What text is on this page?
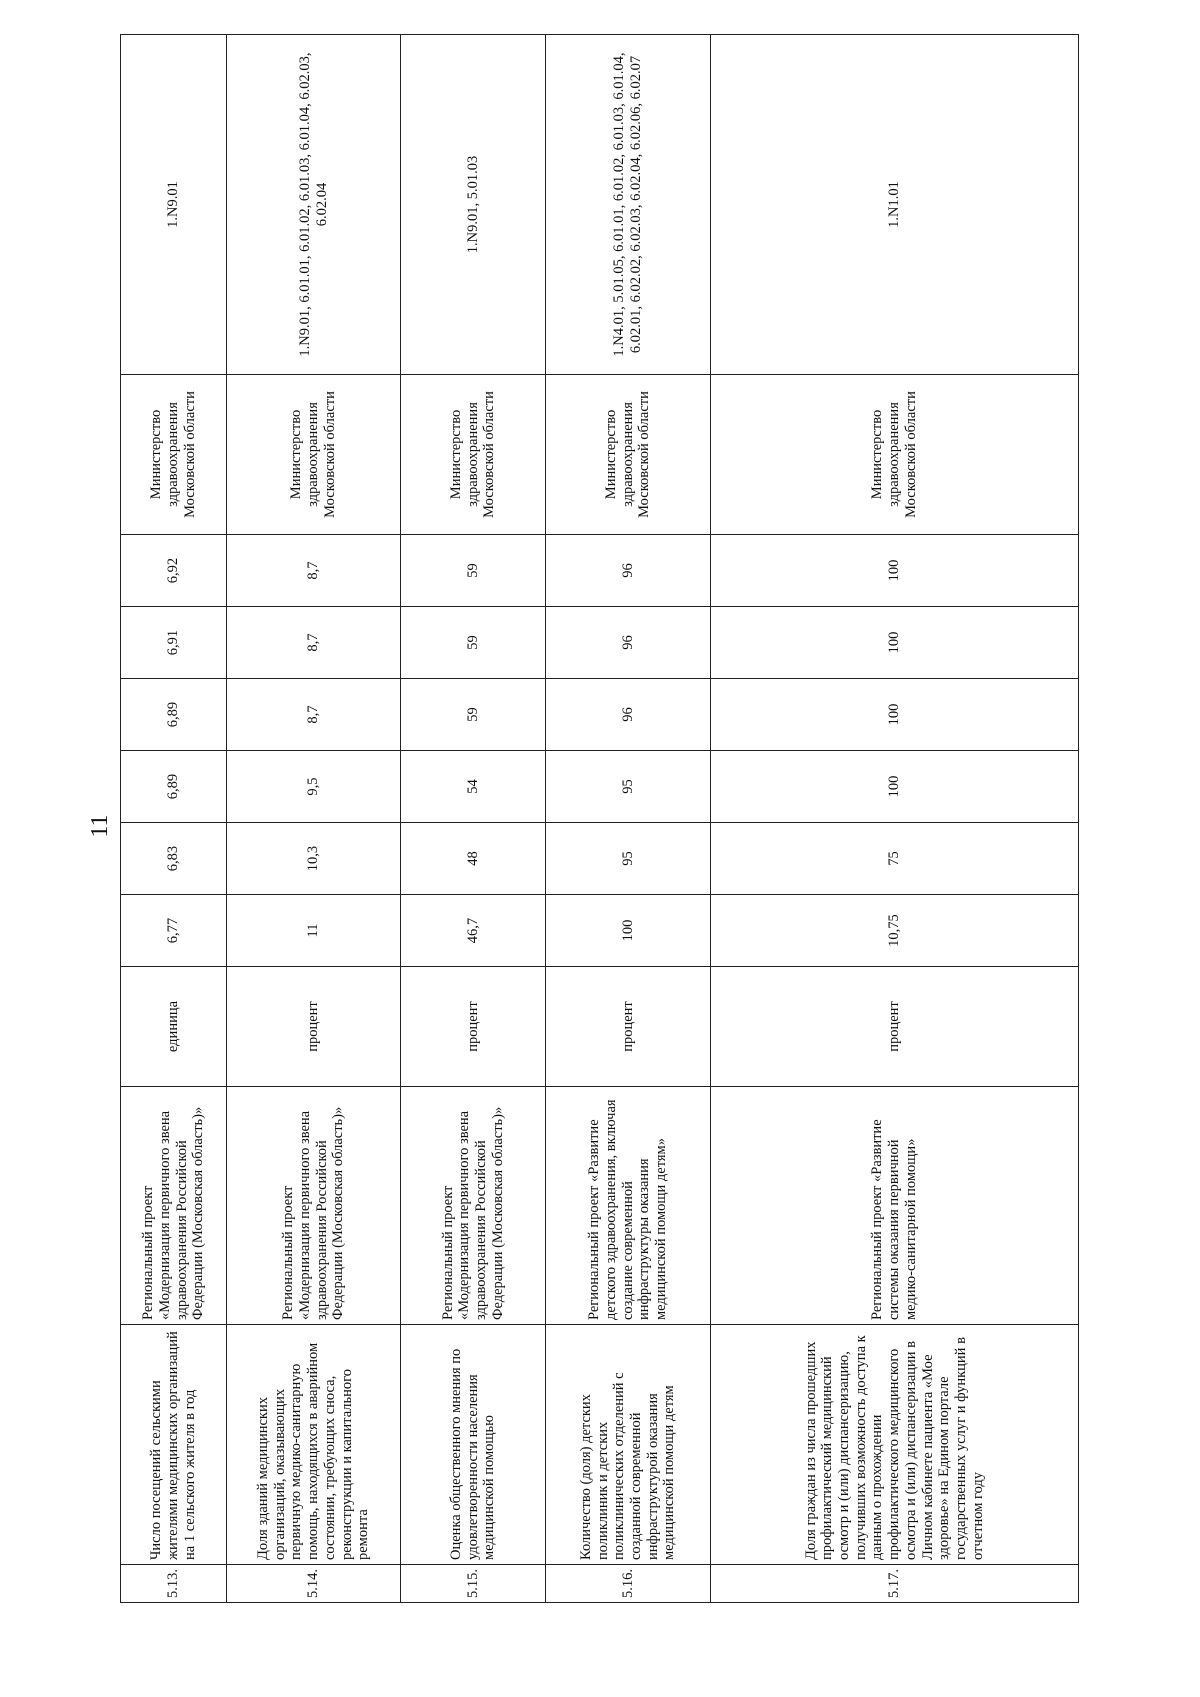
11
5.13.	Число посещений сельскими жителями медицинских организаций на 1 сельского жителя в год	Региональный проект «Модернизация первичного звена здравоохранения Российской Федерации (Московская область)»	единица	6,77	6,83	6,89	6,89	6,91	6,92	Министерство здравоохранения Московской области	1.N9.01
5.14.	Доля зданий медицинских организаций, оказывающих первичную медико-санитарную помощь, находящихся в аварийном состоянии, требующих сноса, реконструкции и капитального ремонта	Региональный проект «Модернизация первичного звена здравоохранения Российской Федерации (Московская область)»	процент	11	10,3	9,5	8,7	8,7	8,7	Министерство здравоохранения Московской области	1.N9.01, 6.01.01, 6.01.02, 6.01.03, 6.01.04, 6.02.03, 6.02.04
5.15.	Оценка общественного мнения по удовлетворенности населения медицинской помощью	Региональный проект «Модернизация первичного звена здравоохранения Российской Федерации (Московская область)»	процент	46,7	48	54	59	59	59	Министерство здравоохранения Московской области	1.N9.01, 5.01.03
5.16.	Количество (доля) детских поликлиник и детских поликлинических отделений с созданной современной инфраструктурой оказания медицинской помощи детям	Региональный проект «Развитие детского здравоохранения, включая создание современной инфраструктуры оказания медицинской помощи детям»	процент	100	95	95	96	96	96	Министерство здравоохранения Московской области	1.N4.01, 5.01.05, 6.01.01, 6.01.02, 6.01.03, 6.01.04, 6.02.01, 6.02.02, 6.02.03, 6.02.04, 6.02.06, 6.02.07
5.17.	Доля граждан из числа прошедших профилактический медицинский осмотр и (или) диспансеризацию, получивших возможность доступа к данным о прохождении профилактического медицинского осмотра и (или) диспансеризации в Личном кабинете пациента «Мое здоровье» на Едином портале государственных услуг и функций в отчетном году	Региональный проект «Развитие системы оказания первичной медико-санитарной помощи»	процент	10,75	75	100	100	100	100	Министерство здравоохранения Московской области	1.N1.01
